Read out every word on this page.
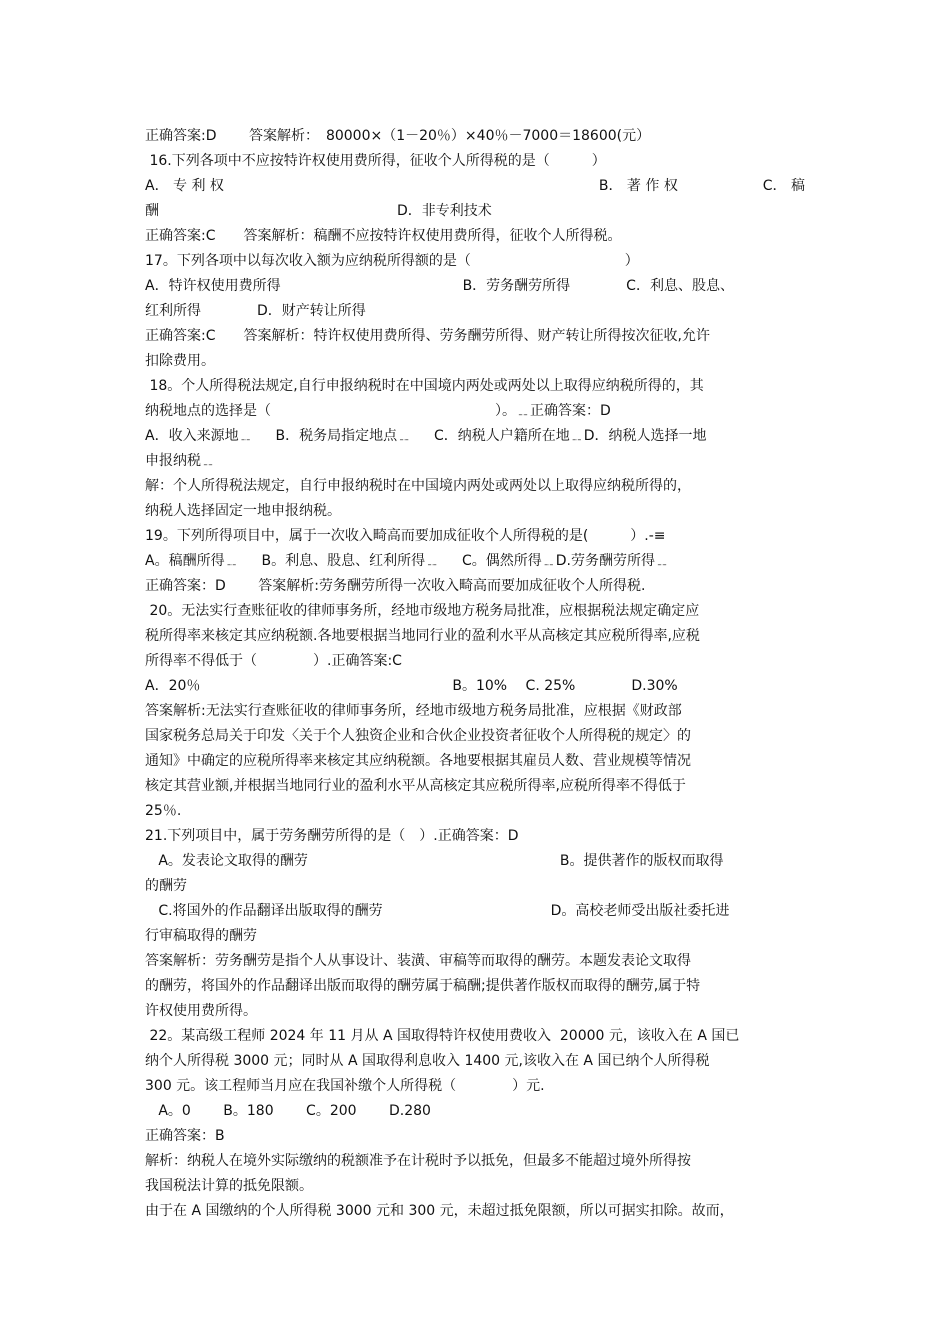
正确答案:D　 　答案解析：　80000×（1－20％）×40％－7000＝18600(元）
16.下列各项中不应按特许权使用费所得，征收个人所得税的是（　　　）
A． 专 利 权	B． 著 作 权	C． 稿
酬　　　　　　　　　　　　　　　　　D．非专利技术
正确答案:C　　答案解析：稿酬不应按特许权使用费所得，征收个人所得税。
17。下列各项中以每次收入额为应纳税所得额的是（　　　　　　　　　　　）
A．特许权使用费所得　　　　　　　　　　　　　B．劳务酬劳所得　　　　C．利息、股息、
红利所得　　　　D．财产转让所得
正确答案:C　　答案解析：特许权使用费所得、劳务酬劳所得、财产转让所得按次征收,允许
扣除费用。
18。个人所得税法规定,自行申报纳税时在中国境内两处或两处以上取得应纳税所得的，其
纳税地点的选择是（　　　　　　　　　　　　　　　　）。﹎正确答案：D
A．收入来源地﹎　  B．税务局指定地点﹎　  C．纳税人户籍所在地﹎D．纳税人选择一地
申报纳税﹎
解：个人所得税法规定，自行申报纳税时在中国境内两处或两处以上取得应纳税所得的，
纳税人选择固定一地申报纳税。
19。下列所得项目中，属于一次收入畸高而要加成征收个人所得税的是(　　　）.-≡
A。稿酬所得﹎　  B。利息、股息、红利所得﹎　  C。偶然所得﹎D.劳务酬劳所得﹎
正确答案：D　　 答案解析:劳务酬劳所得一次收入畸高而要加成征收个人所得税.
20。无法实行查账征收的律师事务所，经地市级地方税务局批准，应根据税法规定确定应
税所得率来核定其应纳税额.各地要根据当地同行业的盈利水平从高核定其应税所得率,应税
所得率不得低于（　　　　）.正确答案:C
A．20％　　　　　　　　　　　　　　　　　　B。10%　 C. 25%　　　　D.30%
答案解析:无法实行查账征收的律师事务所，经地市级地方税务局批准，应根据《财政部
国家税务总局关于印发〈关于个人独资企业和合伙企业投资者征收个人所得税的规定〉的
通知》中确定的应税所得率来核定其应纳税额。各地要根据其雇员人数、营业规模等情况
核定其营业额,并根据当地同行业的盈利水平从高核定其应税所得率,应税所得率不得低于
25％.
21.下列项目中，属于劳务酬劳所得的是（　）.正确答案：D
A。发表论文取得的酬劳　　　　　　　　　　　　　　　　　　B。提供著作的版权而取得
的酬劳
C.将国外的作品翻译出版取得的酬劳　　　　　　　　　　　　D。高校老师受出版社委托进
行审稿取得的酬劳
答案解析：劳务酬劳是指个人从事设计、装潢、审稿等而取得的酬劳。本题发表论文取得
的酬劳，将国外的作品翻译出版而取得的酬劳属于稿酬;提供著作版权而取得的酬劳,属于特
许权使用费所得。
22。某高级工程师 2024 年 11 月从 A 国取得特许权使用费收入  20000 元，该收入在 A 国已
纳个人所得税 3000 元；同时从 A 国取得利息收入 1400 元,该收入在 A 国已纳个人所得税
300 元。该工程师当月应在我国补缴个人所得税（　　　　）元.
A。0　　 B。180　　 C。200　　 D.280
正确答案：B
解析：纳税人在境外实际缴纳的税额准予在计税时予以抵免，但最多不能超过境外所得按
我国税法计算的抵免限额。
由于在 A 国缴纳的个人所得税 3000 元和 300 元，未超过抵免限额，所以可据实扣除。故而，
